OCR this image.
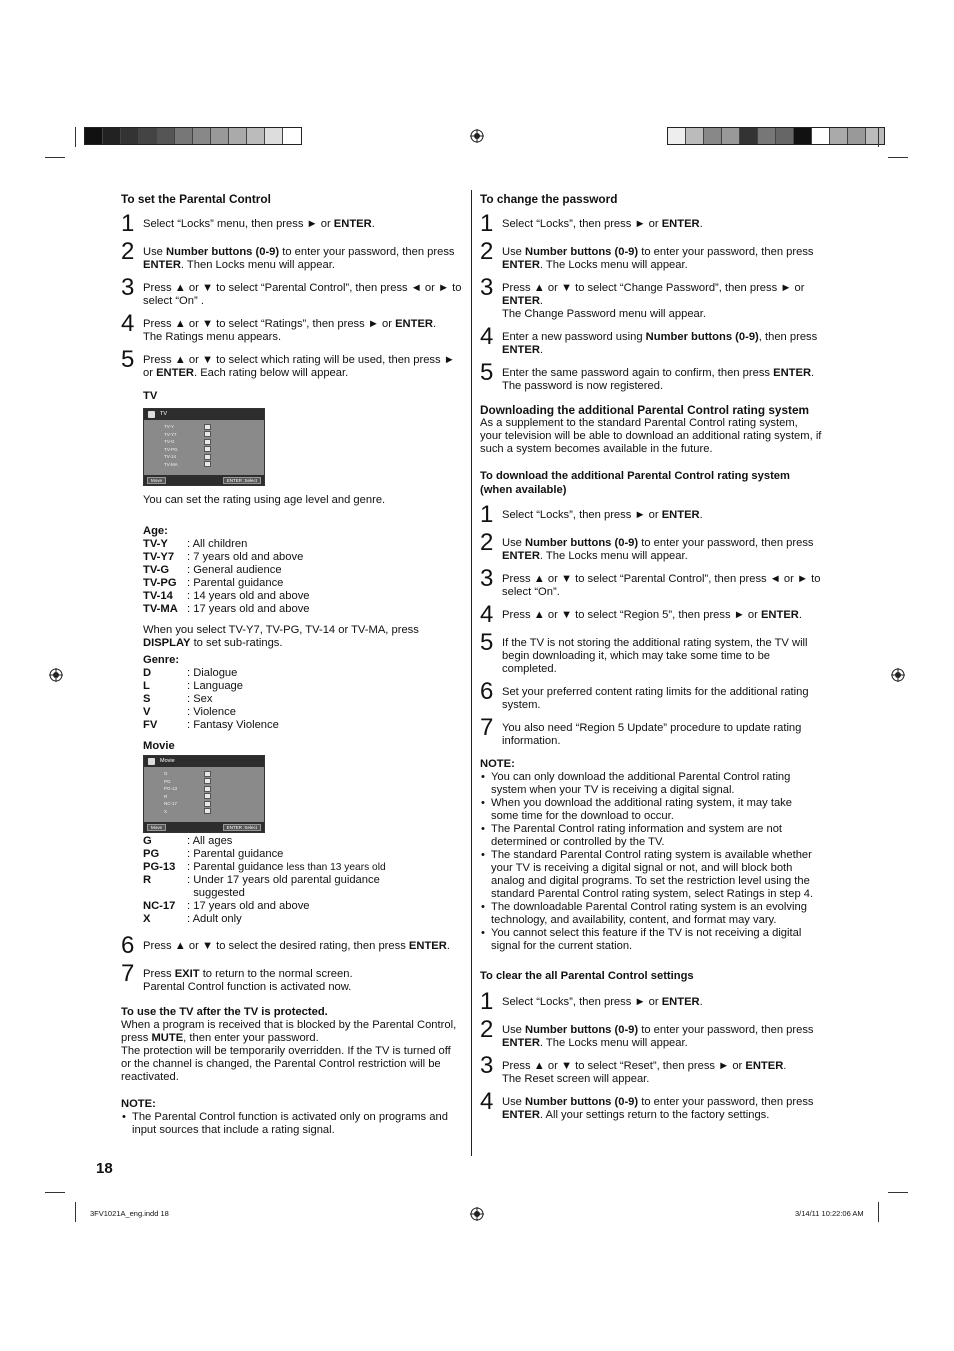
To set the Parental Control

1 Select “Locks” menu, then press ► or ENTER.
2 Use Number buttons (0-9) to enter your password, then press ENTER. Then Locks menu will appear.
3 Press ▲ or ▼ to select “Parental Control”, then press ◄ or ► to select “On” .
4 Press ▲ or ▼ to select “Ratings”, then press ► or ENTER.
The Ratings menu appears.
5 Press ▲ or ▼ to select which rating will be used, then press ► or ENTER. Each rating below will appear.

TV

TV
TV-Y
TV-Y7
TV-G
TV-PG
TV-14
TV-MA
Move	ENTER :Select

You can set the rating using age level and genre.

Age:

TV-Y	: All children
TV-Y7	: 7 years old and above
TV-G	: General audience
TV-PG : Parental guidance
TV-14	: 14 years old and above
TV-MA : 17 years old and above

When you select TV-Y7, TV-PG, TV-14 or TV-MA, press DISPLAY to set sub-ratings.

Genre:

D	: Dialogue
L	: Language
S	: Sex
V	: Violence
FV	: Fantasy Violence

Movie

Movie
G
PG
PG-13
R
NC-17
X
Move	ENTER :Select
G	: All ages
PG	: Parental guidance
PG-13	: Parental guidance less than 13 years old
R	: Under 17 years old parental guidance
suggested
NC-17	: 17 years old and above
X	: Adult only
6 Press ▲ or ▼ to select the desired rating, then press ENTER.
7 Press EXIT to return to the normal screen.
Parental Control function is activated now.

To use the TV after the TV is protected.

When a program is received that is blocked by the Parental Control, press MUTE, then enter your password.
The protection will be temporarily overridden. If the TV is turned off or the channel is changed, the Parental Control restriction will be reactivated.

NOTE:

• The Parental Control function is activated only on programs and input sources that include a rating signal.

To change the password

1 Select “Locks”, then press ► or ENTER.
2 Use Number buttons (0-9) to enter your password, then press ENTER. The Locks menu will appear.
3 Press ▲ or ▼ to select “Change Password”, then press ► or ENTER.
The Change Password menu will appear.
4 Enter a new password using Number buttons (0-9), then press ENTER.
5 Enter the same password again to confirm, then press ENTER.
The password is now registered.

Downloading the additional Parental Control rating system

As a supplement to the standard Parental Control rating system, your television will be able to download an additional rating system, if such a system becomes available in the future.

To download the additional Parental Control rating system (when available)

1 Select “Locks”, then press ► or ENTER.
2 Use Number buttons (0-9) to enter your password, then press ENTER. The Locks menu will appear.
3 Press ▲ or ▼ to select “Parental Control”, then press ◄ or ► to select “On”.
4 Press ▲ or ▼ to select “Region 5”, then press ► or ENTER.
5 If the TV is not storing the additional rating system, the TV will begin downloading it, which may take some time to be completed.
6 Set your preferred content rating limits for the additional rating system.
7 You also need “Region 5 Update” procedure to update rating information.

NOTE:

• You can only download the additional Parental Control rating system when your TV is receiving a digital signal.
• When you download the additional rating system, it may take some time for the download to occur.
• The Parental Control rating information and system are not determined or controlled by the TV.
• The standard Parental Control rating system is available whether your TV is receiving a digital signal or not, and will block both analog and digital programs. To set the restriction level using the standard Parental Control rating system, select Ratings in step 4.
• The downloadable Parental Control rating system is an evolving technology, and availability, content, and format may vary.
• You cannot select this feature if the TV is not receiving a digital signal for the current station.

To clear the all Parental Control settings

1 Select “Locks”, then press ► or ENTER.
2 Use Number buttons (0-9) to enter your password, then press ENTER. The Locks menu will appear.
3 Press ▲ or ▼ to select “Reset”, then press ► or ENTER.
The Reset screen will appear.
4 Use Number buttons (0-9) to enter your password, then press ENTER. All your settings return to the factory settings.
18
3FV1021A_eng.indd 18	3/14/11 10:22:06 AM
